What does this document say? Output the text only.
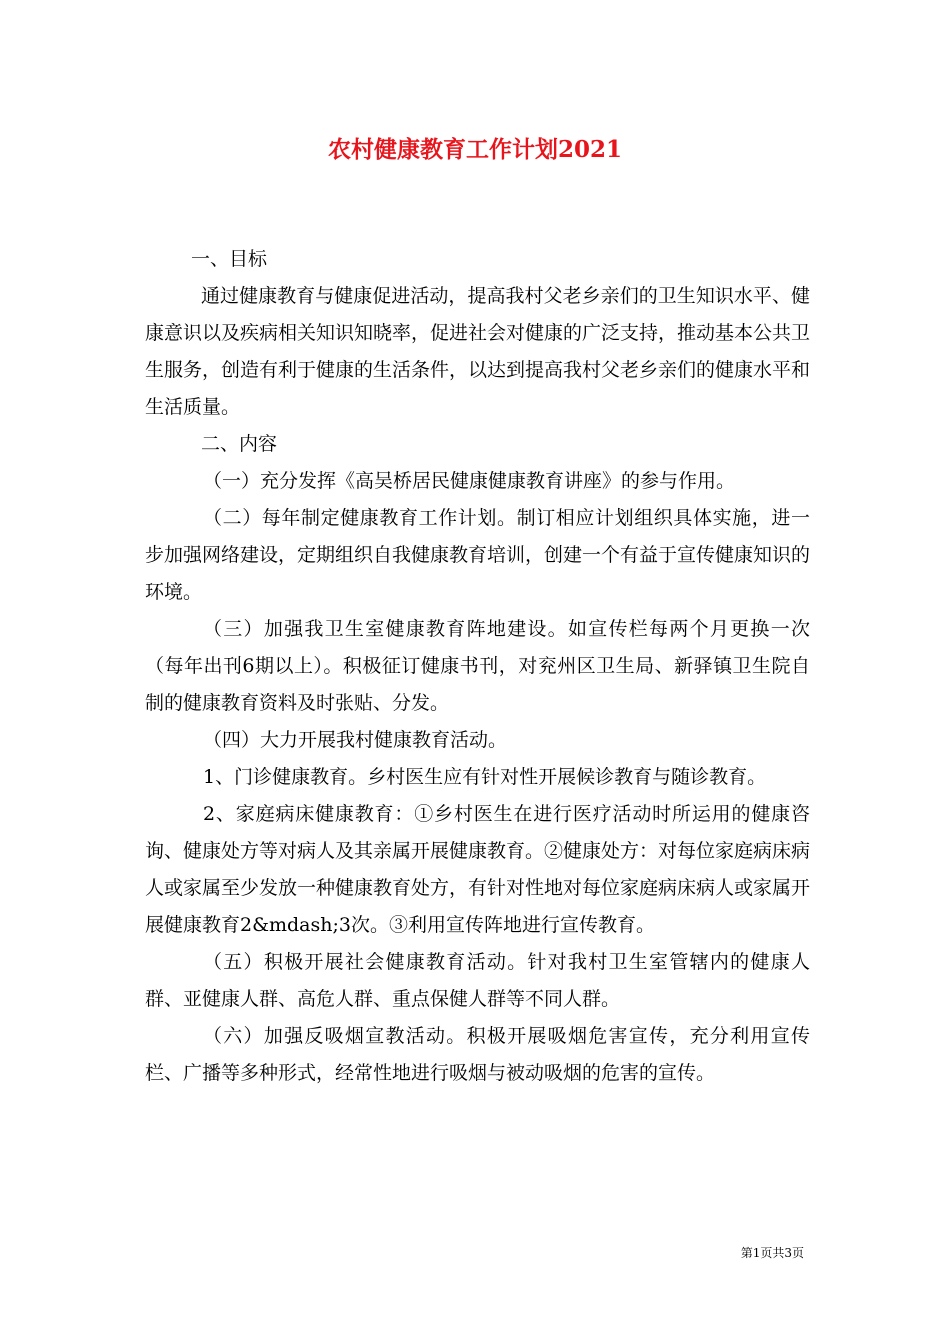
农村健康教育工作计划2021

一、目标

通过健康教育与健康促进活动，提高我村父老乡亲们的卫生知识水平、健康意识以及疾病相关知识知晓率，促进社会对健康的广泛支持，推动基本公共卫生服务，创造有利于健康的生活条件，以达到提高我村父老乡亲们的健康水平和生活质量。

二、内容

（一）充分发挥《高吴桥居民健康健康教育讲座》的参与作用。

（二）每年制定健康教育工作计划。制订相应计划组织具体实施，进一步加强网络建设，定期组织自我健康教育培训，创建一个有益于宣传健康知识的环境。

（三）加强我卫生室健康教育阵地建设。如宣传栏每两个月更换一次（每年出刊6期以上）。积极征订健康书刊，对兖州区卫生局、新驿镇卫生院自制的健康教育资料及时张贴、分发。

（四）大力开展我村健康教育活动。

1、门诊健康教育。乡村医生应有针对性开展候诊教育与随诊教育。

2、家庭病床健康教育：①乡村医生在进行医疗活动时所运用的健康咨询、健康处方等对病人及其亲属开展健康教育。②健康处方：对每位家庭病床病人或家属至少发放一种健康教育处方，有针对性地对每位家庭病床病人或家属开展健康教育2&mdash;3次。③利用宣传阵地进行宣传教育。

（五）积极开展社会健康教育活动。针对我村卫生室管辖内的健康人群、亚健康人群、高危人群、重点保健人群等不同人群。

（六）加强反吸烟宣教活动。积极开展吸烟危害宣传，充分利用宣传栏、广播等多种形式，经常性地进行吸烟与被动吸烟的危害的宣传。

第1页共3页
